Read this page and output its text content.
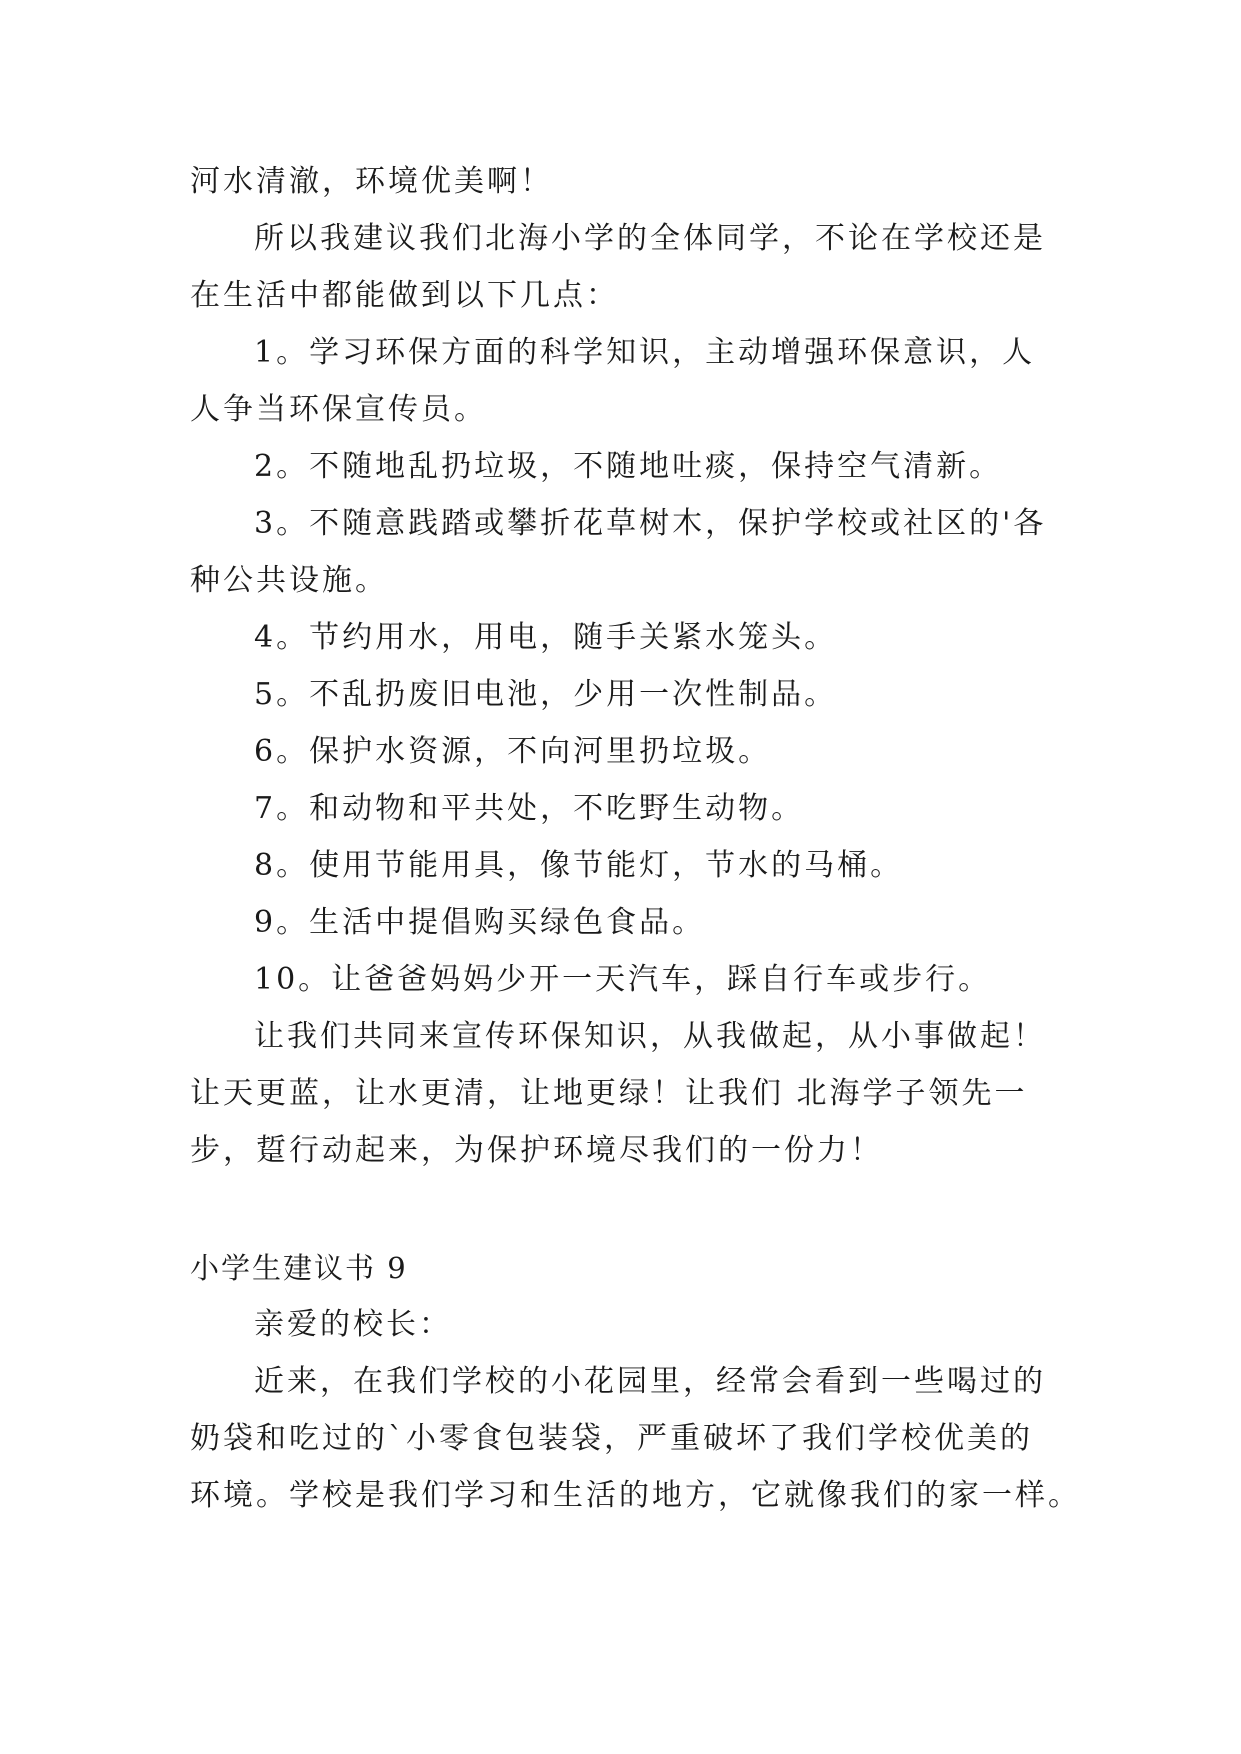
河水清澈，环境优美啊！
所以我建议我们北海小学的全体同学，不论在学校还是
在生活中都能做到以下几点：
1。学习环保方面的科学知识，主动增强环保意识，人
人争当环保宣传员。
2。不随地乱扔垃圾，不随地吐痰，保持空气清新。
3。不随意践踏或攀折花草树木，保护学校或社区的'各
种公共设施。
4。节约用水，用电，随手关紧水笼头。
5。不乱扔废旧电池，少用一次性制品。
6。保护水资源，不向河里扔垃圾。
7。和动物和平共处，不吃野生动物。
8。使用节能用具，像节能灯，节水的马桶。
9。生活中提倡购买绿色食品。
10。让爸爸妈妈少开一天汽车，踩自行车或步行。
让我们共同来宣传环保知识，从我做起，从小事做起！
让天更蓝，让水更清，让地更绿！让我们 北海学子领先一
步，踅行动起来，为保护环境尽我们的一份力！
小学生建议书 9
亲爱的校长：
近来，在我们学校的小花园里，经常会看到一些喝过的
奶袋和吃过的`小零食包装袋，严重破坏了我们学校优美的
环境。学校是我们学习和生活的地方，它就像我们的家一样。
